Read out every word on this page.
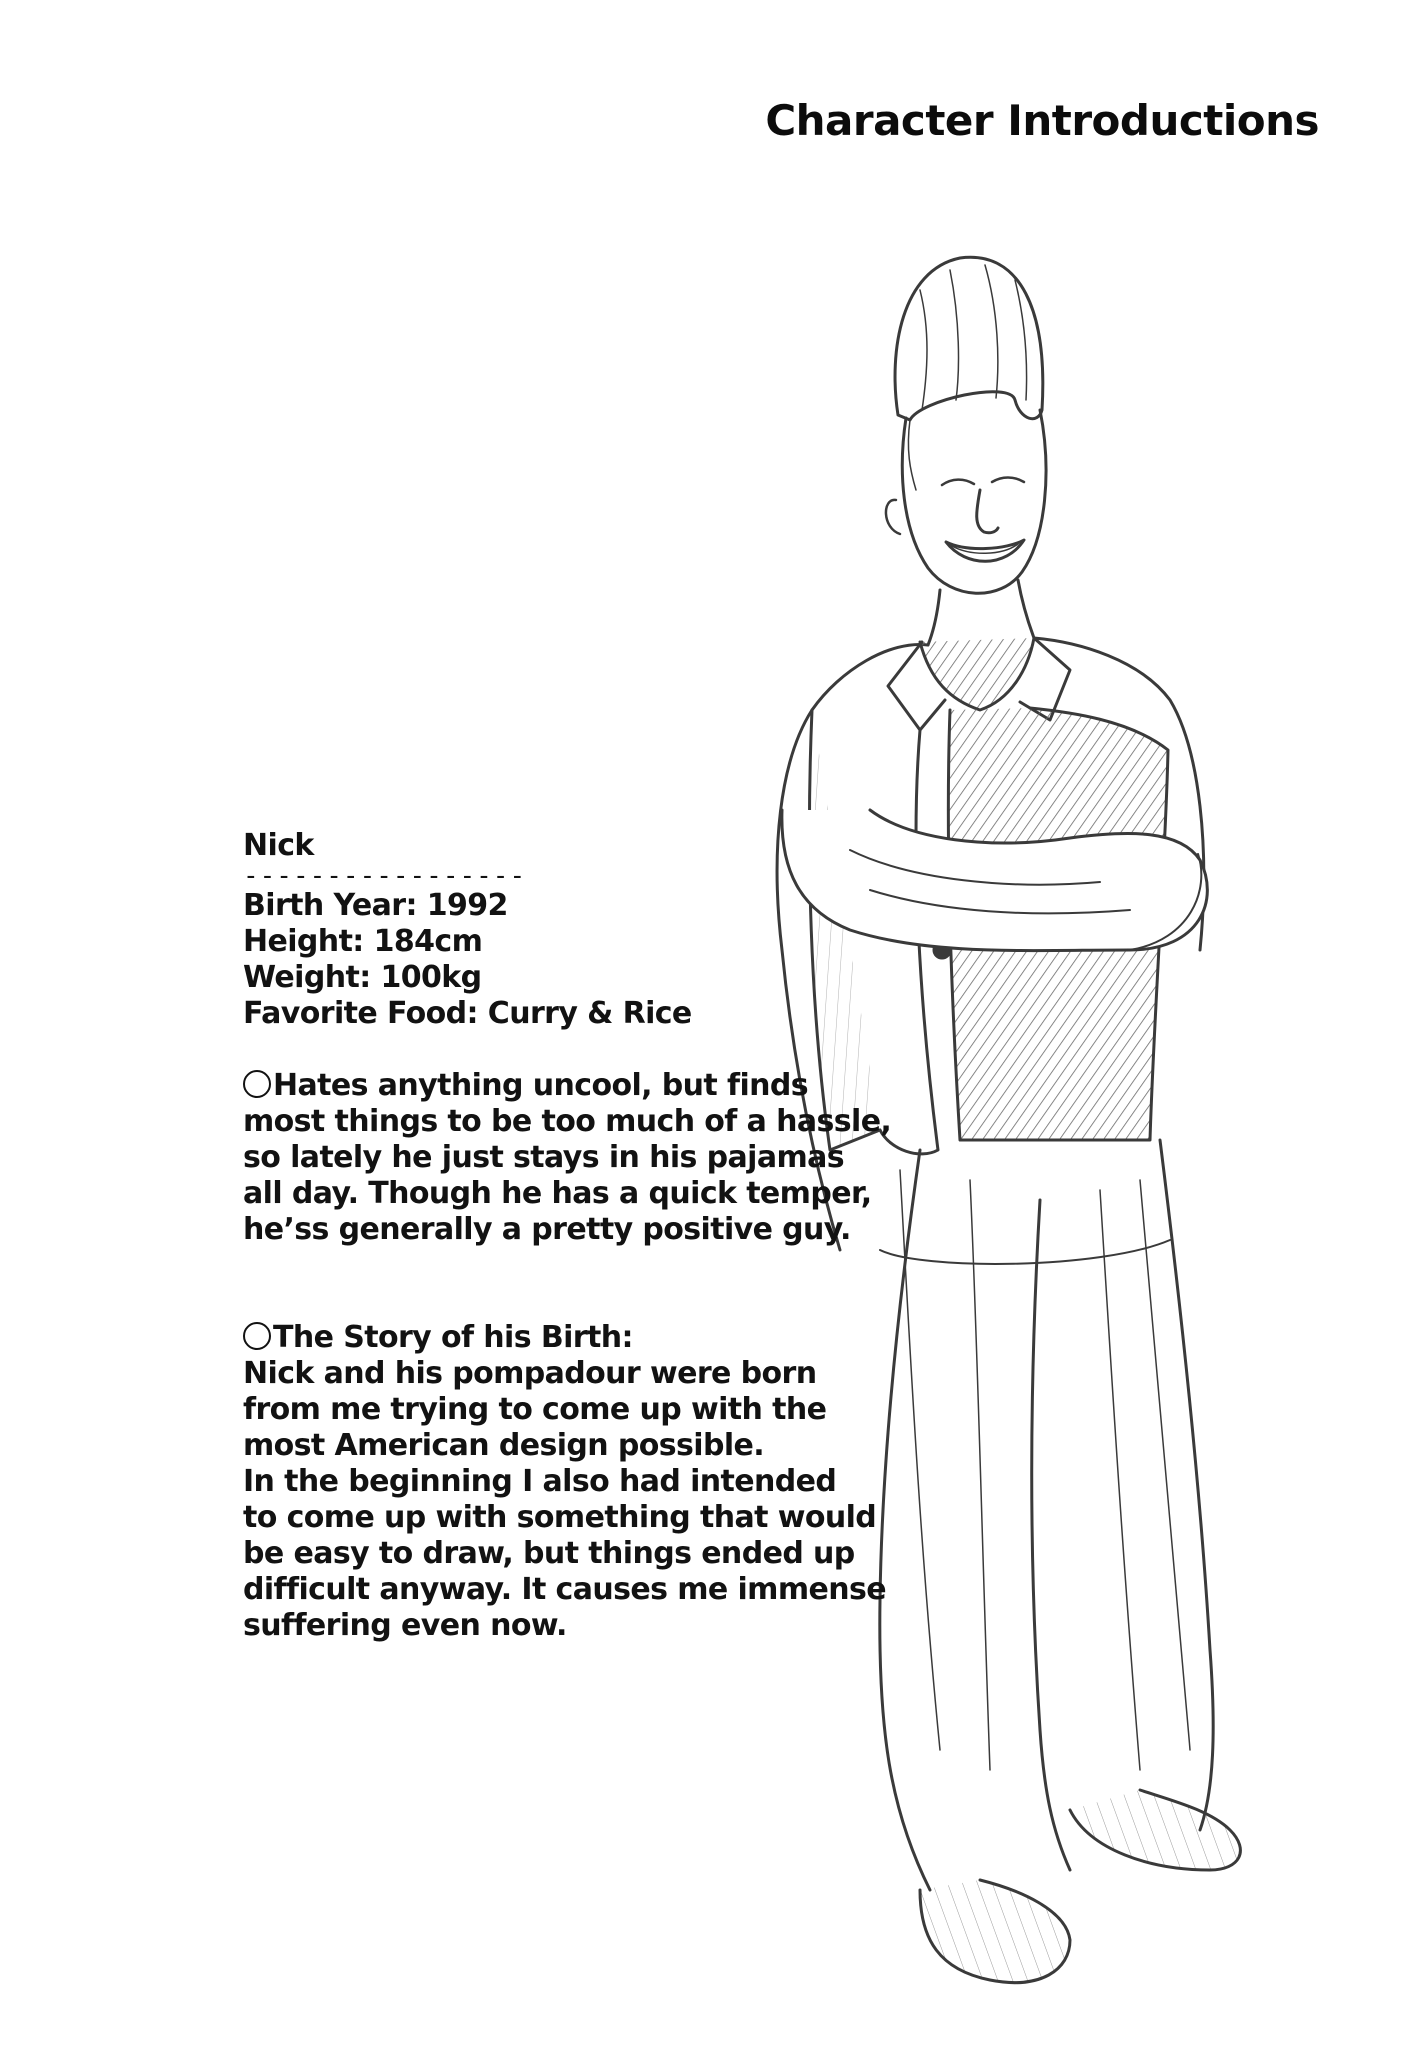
Character Introductions

Nick

-----------------

Birth Year: 1992

Height: 184cm

Weight: 100kg

Favorite Food: Curry & Rice

Hates anything uncool, but finds
most things to be too much of a hassle,
so lately he just stays in his pajamas
all day. Though he has a quick temper,
he’ss generally a pretty positive guy.
The Story of his Birth:
Nick and his pompadour were born
from me trying to come up with the
most American design possible.
In the beginning I also had intended
to come up with something that would
be easy to draw, but things ended up
difficult anyway. It causes me immense
suffering even now.
